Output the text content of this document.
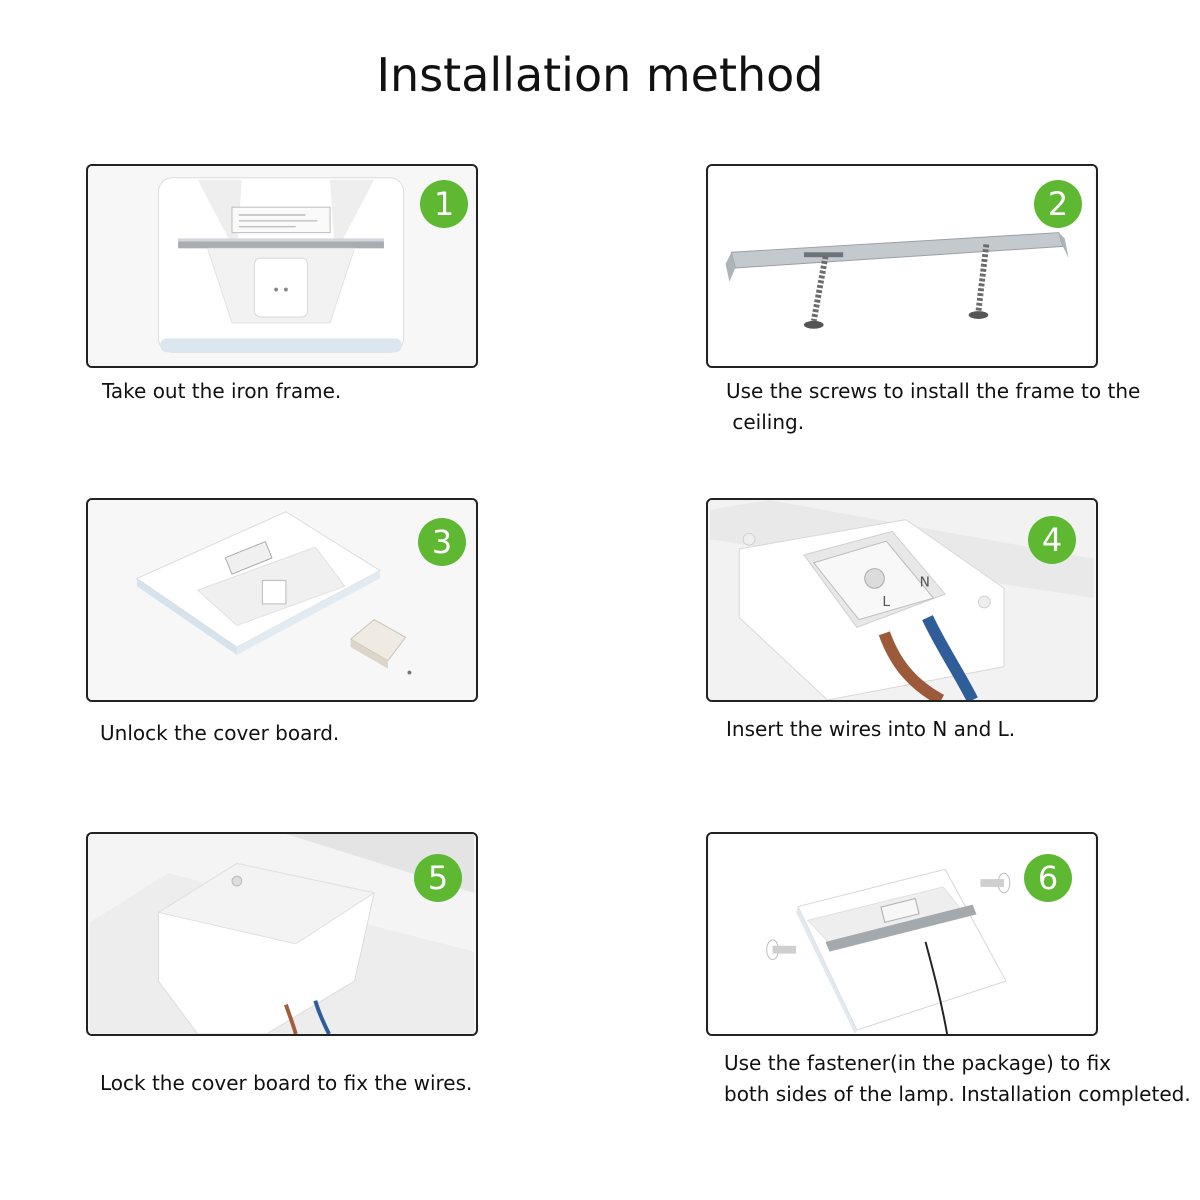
Installation method
1
Take out the iron frame.
2
Use the screws to install the frame to the
ceiling.
3
Unlock the cover board.
L
N
4
Insert the wires into N and L.
5
Lock the cover board to fix the wires.
6
Use the fastener(in the package) to fix
both sides of the lamp. Installation completed.
